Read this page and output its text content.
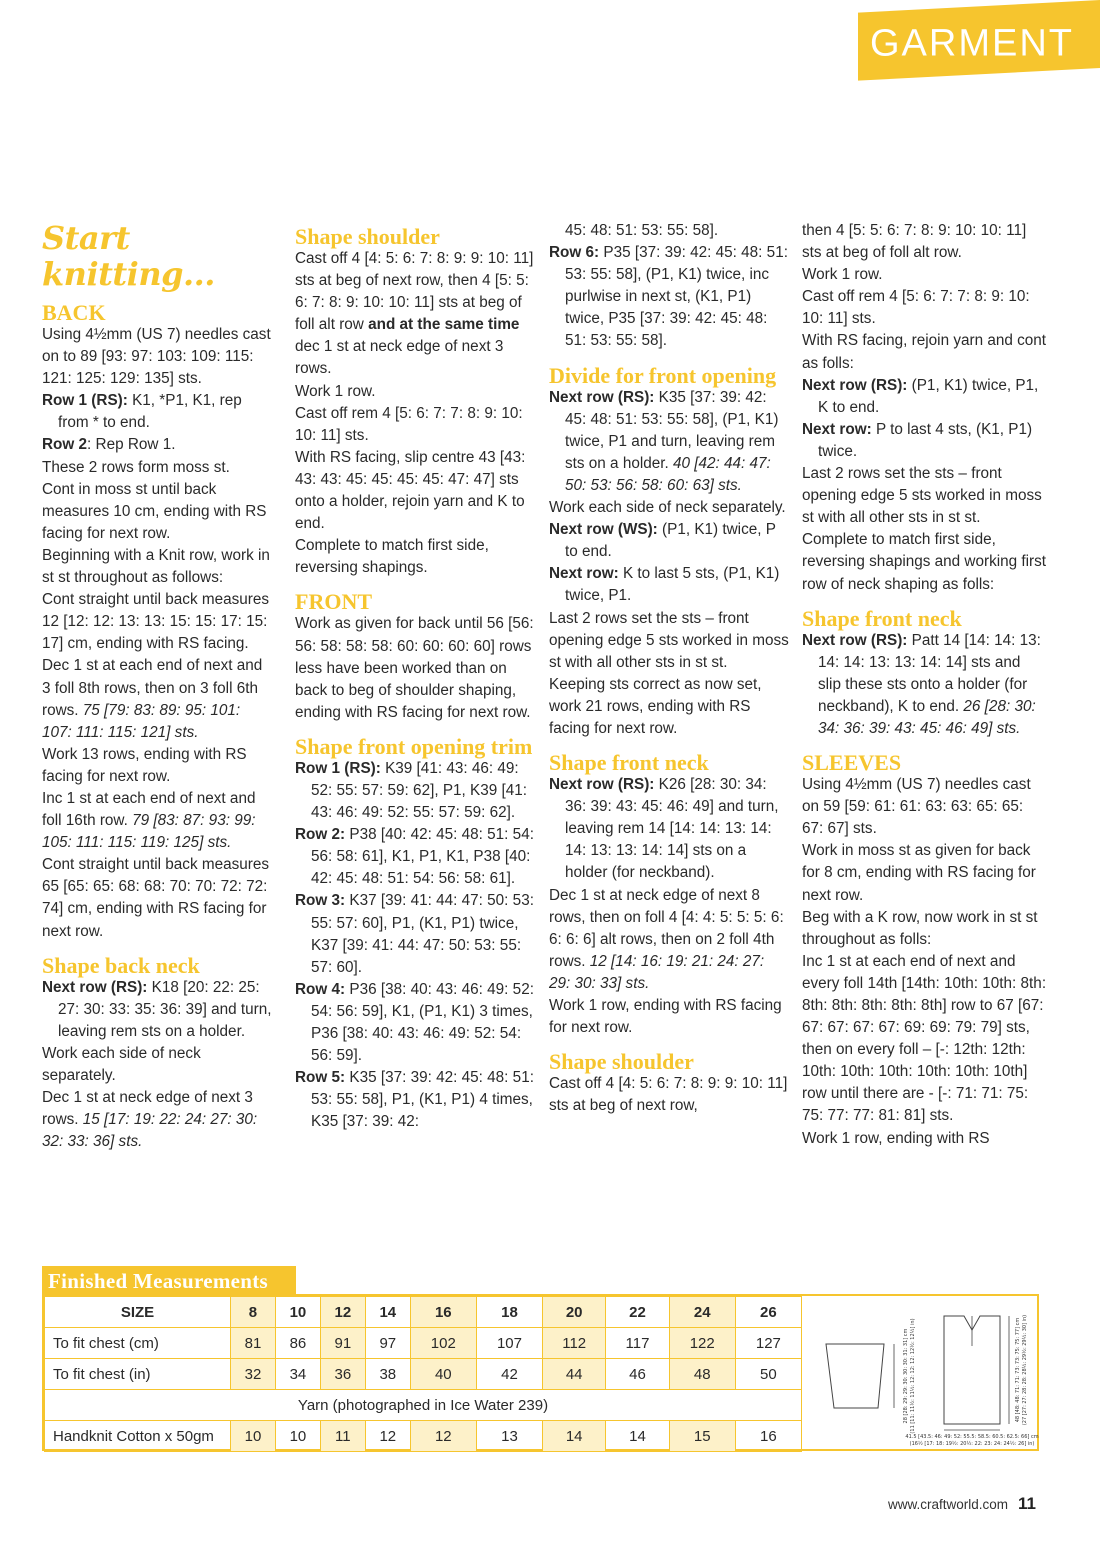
GARMENT
Start knitting...
BACK
Using 4½mm (US 7) needles cast on to 89 [93: 97: 103: 109: 115: 121: 125: 129: 135] sts.
Row 1 (RS): K1, *P1, K1, rep from * to end.
Row 2: Rep Row 1.
These 2 rows form moss st.
Cont in moss st until back measures 10 cm, ending with RS facing for next row.
Beginning with a Knit row, work in st st throughout as follows:
Cont straight until back measures 12 [12: 12: 13: 13: 15: 15: 17: 15: 17] cm, ending with RS facing.
Dec 1 st at each end of next and 3 foll 8th rows, then on 3 foll 6th rows. 75 [79: 83: 89: 95: 101: 107: 111: 115: 121] sts.
Work 13 rows, ending with RS facing for next row.
Inc 1 st at each end of next and foll 16th row. 79 [83: 87: 93: 99: 105: 111: 115: 119: 125] sts.
Cont straight until back measures 65 [65: 65: 68: 68: 70: 70: 72: 72: 74] cm, ending with RS facing for next row.
Shape back neck
Next row (RS): K18 [20: 22: 25: 27: 30: 33: 35: 36: 39] and turn, leaving rem sts on a holder.
Work each side of neck separately.
Dec 1 st at neck edge of next 3 rows. 15 [17: 19: 22: 24: 27: 30: 32: 33: 36] sts.
Shape shoulder
Cast off 4 [4: 5: 6: 7: 8: 9: 9: 10: 11] sts at beg of next row, then 4 [5: 5: 6: 7: 8: 9: 10: 10: 11] sts at beg of foll alt row and at the same time dec 1 st at neck edge of next 3 rows.
Work 1 row.
Cast off rem 4 [5: 6: 7: 7: 8: 9: 10: 10: 11] sts.
With RS facing, slip centre 43 [43: 43: 43: 45: 45: 45: 45: 47: 47] sts onto a holder, rejoin yarn and K to end.
Complete to match first side, reversing shapings.
FRONT
Work as given for back until 56 [56: 56: 58: 58: 58: 60: 60: 60: 60] rows less have been worked than on back to beg of shoulder shaping, ending with RS facing for next row.
Shape front opening trim
Row 1 (RS): K39 [41: 43: 46: 49: 52: 55: 57: 59: 62], P1, K39 [41: 43: 46: 49: 52: 55: 57: 59: 62].
Row 2: P38 [40: 42: 45: 48: 51: 54: 56: 58: 61], K1, P1, K1, P38 [40: 42: 45: 48: 51: 54: 56: 58: 61].
Row 3: K37 [39: 41: 44: 47: 50: 53: 55: 57: 60], P1, (K1, P1) twice, K37 [39: 41: 44: 47: 50: 53: 55: 57: 60].
Row 4: P36 [38: 40: 43: 46: 49: 52: 54: 56: 59], K1, (P1, K1) 3 times, P36 [38: 40: 43: 46: 49: 52: 54: 56: 59].
Row 5: K35 [37: 39: 42: 45: 48: 51: 53: 55: 58], P1, (K1, P1) 4 times, K35 [37: 39: 42:
45: 48: 51: 53: 55: 58].
Row 6: P35 [37: 39: 42: 45: 48: 51: 53: 55: 58], (P1, K1) twice, inc purlwise in next st, (K1, P1) twice, P35 [37: 39: 42: 45: 48: 51: 53: 55: 58].
Divide for front opening
Next row (RS): K35 [37: 39: 42: 45: 48: 51: 53: 55: 58], (P1, K1) twice, P1 and turn, leaving rem sts on a holder. 40 [42: 44: 47: 50: 53: 56: 58: 60: 63] sts.
Work each side of neck separately.
Next row (WS): (P1, K1) twice, P to end.
Next row: K to last 5 sts, (P1, K1) twice, P1.
Last 2 rows set the sts – front opening edge 5 sts worked in moss st with all other sts in st st.
Keeping sts correct as now set, work 21 rows, ending with RS facing for next row.
Shape front neck
Next row (RS): K26 [28: 30: 34: 36: 39: 43: 45: 46: 49] and turn, leaving rem 14 [14: 14: 13: 14: 14: 13: 13: 14: 14] sts on a holder (for neckband).
Dec 1 st at neck edge of next 8 rows, then on foll 4 [4: 4: 5: 5: 5: 6: 6: 6: 6] alt rows, then on 2 foll 4th rows. 12 [14: 16: 19: 21: 24: 27: 29: 30: 33] sts.
Work 1 row, ending with RS facing for next row.
Shape shoulder
Cast off 4 [4: 5: 6: 7: 8: 9: 9: 10: 11] sts at beg of next row,
then 4 [5: 5: 6: 7: 8: 9: 10: 10: 11] sts at beg of foll alt row.
Work 1 row.
Cast off rem 4 [5: 6: 7: 7: 8: 9: 10: 10: 11] sts.
With RS facing, rejoin yarn and cont as folls:
Next row (RS): (P1, K1) twice, P1, K to end.
Next row: P to last 4 sts, (K1, P1) twice.
Last 2 rows set the sts – front opening edge 5 sts worked in moss st with all other sts in st st.
Complete to match first side, reversing shapings and working first row of neck shaping as folls:
Shape front neck
Next row (RS): Patt 14 [14: 14: 13: 14: 14: 13: 13: 14: 14] sts and slip these sts onto a holder (for neckband), K to end. 26 [28: 30: 34: 36: 39: 43: 45: 46: 49] sts.
SLEEVES
Using 4½mm (US 7) needles cast on 59 [59: 61: 61: 63: 63: 65: 65: 67: 67] sts.
Work in moss st as given for back for 8 cm, ending with RS facing for next row.
Beg with a K row, now work in st st throughout as folls:
Inc 1 st at each end of next and every foll 14th [14th: 10th: 10th: 8th: 8th: 8th: 8th: 8th: 8th] row to 67 [67: 67: 67: 67: 67: 69: 69: 79: 79] sts, then on every foll – [-: 12th: 12th: 10th: 10th: 10th: 10th: 10th: 10th] row until there are - [-: 71: 71: 75: 75: 77: 77: 81: 81] sts.
Work 1 row, ending with RS
Finished Measurements
SIZE	8	10	12	14	16	18	20	22	24	26
To fit chest (cm)	81	86	91	97	102	107	112	117	122	127
To fit chest (in)	32	34	36	38	40	42	44	46	48	50
Yarn (photographed in Ice Water 239)										
Handknit Cotton x 50gm	10	10	11	12	12	13	14	14	15	16
28 [28: 29: 29: 30: 30: 30: 31: 31] cm (11 [11: 11½: 11½: 12: 12: 12: 12½: 12½] in)	48 [48: 48: 71: 71: 73: 73: 75: 75: 77] cm (27 [27: 27: 28: 28: 28½: 29½: 29½: 30] in)
41.5 [43.5: 46: 49: 52: 55.5: 58.5: 60.5: 62.5: 66] cm
(16½ [17: 18: 19½: 20½: 22: 23: 24: 24½: 26] in)
www.craftworld.com 11
